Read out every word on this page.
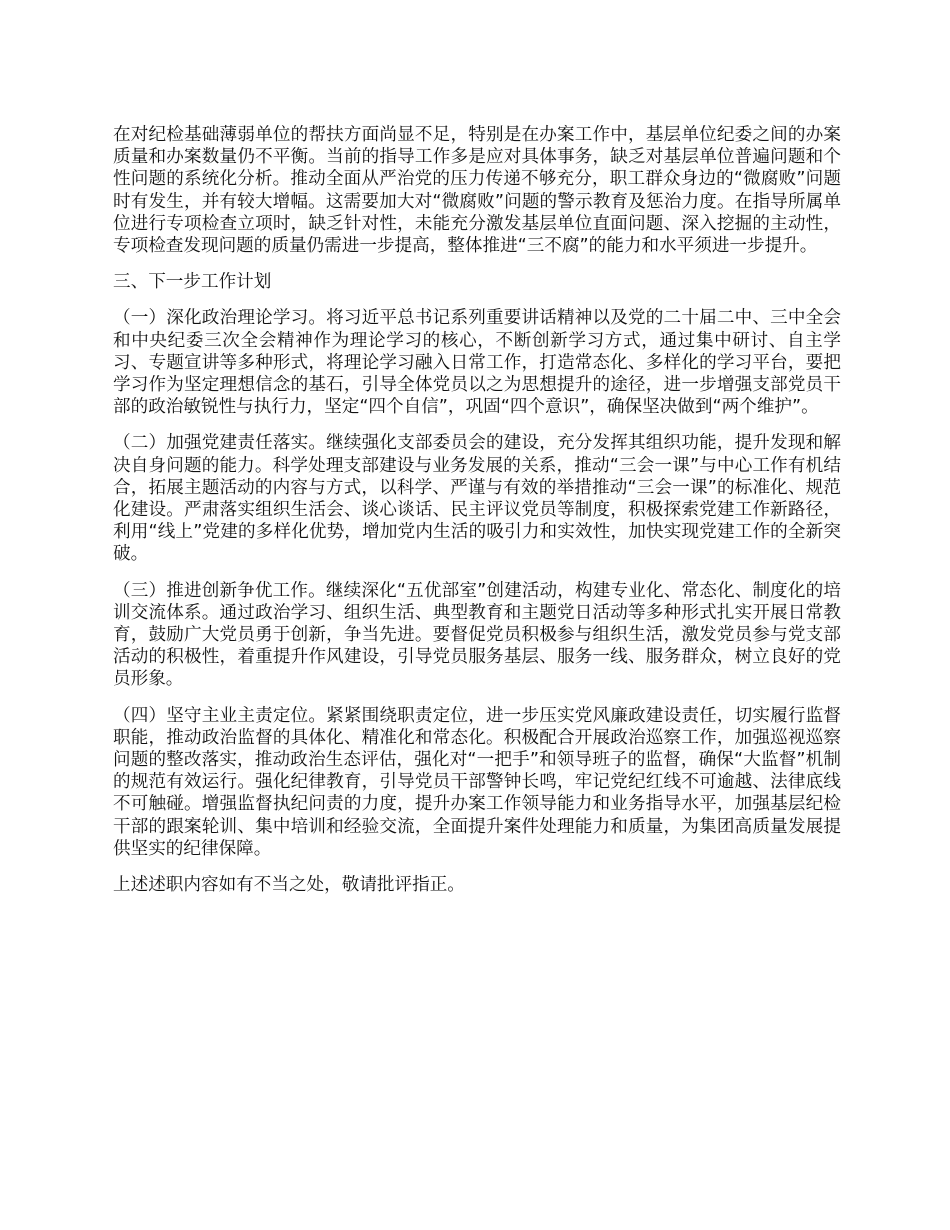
在对纪检基础薄弱单位的帮扶方面尚显不足，特别是在办案工作中，基层单位纪委之间的办案质量和办案数量仍不平衡。当前的指导工作多是应对具体事务，缺乏对基层单位普遍问题和个性问题的系统化分析。推动全面从严治党的压力传递不够充分，职工群众身边的“微腐败”问题时有发生，并有较大增幅。这需要加大对“微腐败”问题的警示教育及惩治力度。在指导所属单位进行专项检查立项时，缺乏针对性，未能充分激发基层单位直面问题、深入挖掘的主动性，专项检查发现问题的质量仍需进一步提高，整体推进“三不腐”的能力和水平须进一步提升。

三、下一步工作计划

（一）深化政治理论学习。将习近平总书记系列重要讲话精神以及党的二十届二中、三中全会和中央纪委三次全会精神作为理论学习的核心，不断创新学习方式，通过集中研讨、自主学习、专题宣讲等多种形式，将理论学习融入日常工作，打造常态化、多样化的学习平台，要把学习作为坚定理想信念的基石，引导全体党员以之为思想提升的途径，进一步增强支部党员干部的政治敏锐性与执行力，坚定“四个自信”，巩固“四个意识”，确保坚决做到“两个维护”。

（二）加强党建责任落实。继续强化支部委员会的建设，充分发挥其组织功能，提升发现和解决自身问题的能力。科学处理支部建设与业务发展的关系，推动“三会一课”与中心工作有机结合，拓展主题活动的内容与方式，以科学、严谨与有效的举措推动“三会一课”的标准化、规范化建设。严肃落实组织生活会、谈心谈话、民主评议党员等制度，积极探索党建工作新路径，利用“线上”党建的多样化优势，增加党内生活的吸引力和实效性，加快实现党建工作的全新突破。

（三）推进创新争优工作。继续深化“五优部室”创建活动，构建专业化、常态化、制度化的培训交流体系。通过政治学习、组织生活、典型教育和主题党日活动等多种形式扎实开展日常教育，鼓励广大党员勇于创新，争当先进。要督促党员积极参与组织生活，激发党员参与党支部活动的积极性，着重提升作风建设，引导党员服务基层、服务一线、服务群众，树立良好的党员形象。

（四）坚守主业主责定位。紧紧围绕职责定位，进一步压实党风廉政建设责任，切实履行监督职能，推动政治监督的具体化、精准化和常态化。积极配合开展政治巡察工作，加强巡视巡察问题的整改落实，推动政治生态评估，强化对“一把手”和领导班子的监督，确保“大监督”机制的规范有效运行。强化纪律教育，引导党员干部警钟长鸣，牢记党纪红线不可逾越、法律底线不可触碰。增强监督执纪问责的力度，提升办案工作领导能力和业务指导水平，加强基层纪检干部的跟案轮训、集中培训和经验交流，全面提升案件处理能力和质量，为集团高质量发展提供坚实的纪律保障。

上述述职内容如有不当之处，敬请批评指正。
